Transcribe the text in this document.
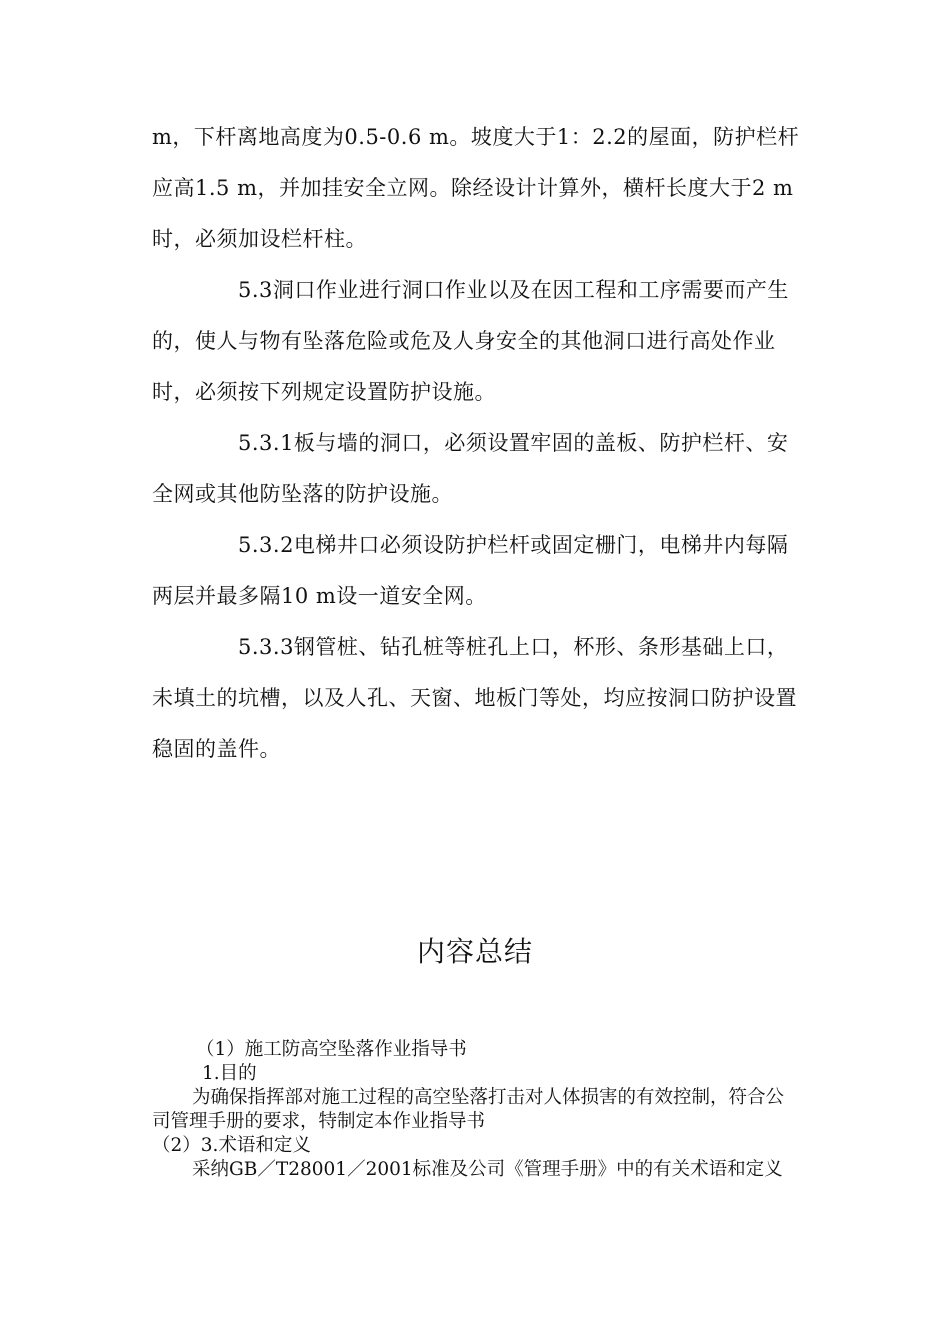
m，下杆离地高度为0.5-0.6 m。坡度大于1：2.2的屋面，防护栏杆应高1.5 m，并加挂安全立网。除经设计计算外，横杆长度大于2 m时，必须加设栏杆柱。

5.3洞口作业进行洞口作业以及在因工程和工序需要而产生的，使人与物有坠落危险或危及人身安全的其他洞口进行高处作业时，必须按下列规定设置防护设施。

5.3.1板与墙的洞口，必须设置牢固的盖板、防护栏杆、安全网或其他防坠落的防护设施。

5.3.2电梯井口必须设防护栏杆或固定栅门，电梯井内每隔两层并最多隔10 m设一道安全网。

5.3.3钢管桩、钻孔桩等桩孔上口，杯形、条形基础上口，未填土的坑槽，以及人孔、天窗、地板门等处，均应按洞口防护设置稳固的盖件。

内容总结

（1）施工防高空坠落作业指导书

1.目的

为确保指挥部对施工过程的高空坠落打击对人体损害的有效控制，符合公司管理手册的要求，特制定本作业指导书

（2）3.术语和定义

采纳GB／T28001／2001标准及公司《管理手册》中的有关术语和定义
